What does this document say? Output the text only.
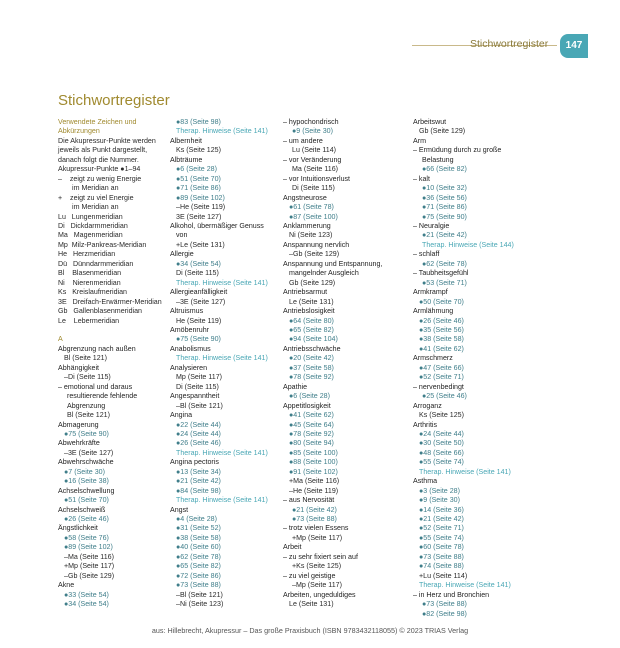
Stichwortregister	147
Stichwortregister
Verwendete Zeichen und
Abkürzungen
Die Akupressur-Punkte werden
jeweils als Punkt dargestellt,
danach folgt die Nummer.
Akupressur-Punkte ●1–94
–    zeigt zu wenig Energie
im Meridian an
+    zeigt zu viel Energie
im Meridian an
Lu   Lungenmeridian
Di   Dickdarmmeridian
Ma   Magenmeridian
Mp  Milz-Pankreas-Meridian
He   Herzmeridian
Dü   Dünndarmmeridian
Bl    Blasenmeridian
Ni    Nierenmeridian
Ks   Kreislaufmeridian
3E   Dreifach-Erwärmer-Meridian
Gb   Gallenblasenmeridian
Le    Lebermeridian

A
Abgrenzung nach außen
Bl (Seite 121)
Abhängigkeit
–Di (Seite 115)
– emotional und daraus
resultierende fehlende
Abgrenzung
Bl (Seite 121)
Abmagerung
●75 (Seite 90)
Abwehrkräfte
–3E (Seite 127)
Abwehrschwäche
●7 (Seite 30)
●16 (Seite 38)
Achselschwellung
●51 (Seite 70)
Achselschweiß
●26 (Seite 46)
Ängstlichkeit
●58 (Seite 76)
●89 (Seite 102)
–Ma (Seite 116)
+Mp (Seite 117)
–Gb (Seite 129)
Akne
●33 (Seite 54)
●34 (Seite 54)
●83 (Seite 98)
Therap. Hinweise (Seite 141)
Albernheit
Ks (Seite 125)
Albträume
●6 (Seite 28)
●51 (Seite 70)
●71 (Seite 86)
●89 (Seite 102)
–He (Seite 119)
3E (Seite 127)
Alkohol, übermäßiger Genuss
von
+Le (Seite 131)
Allergie
●34 (Seite 54)
Di (Seite 115)
Therap. Hinweise (Seite 141)
Allergieanfälligkeit
–3E (Seite 127)
Altruismus
He (Seite 119)
Amöbenruhr
●75 (Seite 90)
Anabolismus
Therap. Hinweise (Seite 141)
Analysieren
Mp (Seite 117)
Di (Seite 115)
Angespanntheit
–Bl (Seite 121)
Angina
●22 (Seite 44)
●24 (Seite 44)
●26 (Seite 46)
Therap. Hinweise (Seite 141)
Angina pectoris
●13 (Seite 34)
●21 (Seite 42)
●84 (Seite 98)
Therap. Hinweise (Seite 141)
Angst
●4 (Seite 28)
●31 (Seite 52)
●38 (Seite 58)
●40 (Seite 60)
●62 (Seite 78)
●65 (Seite 82)
●72 (Seite 86)
●73 (Seite 88)
–Bl (Seite 121)
–Ni (Seite 123)
– hypochondrisch
●9 (Seite 30)
– um andere
Lu (Seite 114)
– vor Veränderung
Ma (Seite 116)
– vor Intuitionsverlust
Di (Seite 115)
Angstneurose
●61 (Seite 78)
●87 (Seite 100)
Anklammerung
Ni (Seite 123)
Anspannung nervlich
–Gb (Seite 129)
Anspannung und Entspannung,
mangelnder Ausgleich
Gb (Seite 129)
Antriebsarmut
Le (Seite 131)
Antriebslosigkeit
●64 (Seite 80)
●65 (Seite 82)
●94 (Seite 104)
Antriebsschwäche
●20 (Seite 42)
●37 (Seite 58)
●78 (Seite 92)
Apathie
●6 (Seite 28)
Appetitlosigkeit
●41 (Seite 62)
●45 (Seite 64)
●78 (Seite 92)
●80 (Seite 94)
●85 (Seite 100)
●88 (Seite 100)
●91 (Seite 102)
+Ma (Seite 116)
–He (Seite 119)
– aus Nervosität
●21 (Seite 42)
●73 (Seite 88)
– trotz vielen Essens
+Mp (Seite 117)
Arbeit
– zu sehr fixiert sein auf
+Ks (Seite 125)
– zu viel geistige
–Mp (Seite 117)
Arbeiten, ungeduldiges
Le (Seite 131)
Arbeitswut
Gb (Seite 129)
Arm
– Ermüdung durch zu große
Belastung
●66 (Seite 82)
– kalt
●10 (Seite 32)
●36 (Seite 56)
●71 (Seite 86)
●75 (Seite 90)
– Neuralgie
●21 (Seite 42)
Therap. Hinweise (Seite 144)
– schlaff
●62 (Seite 78)
– Taubheitsgefühl
●53 (Seite 71)
Armkrampf
●50 (Seite 70)
Armlähmung
●26 (Seite 46)
●35 (Seite 56)
●38 (Seite 58)
●41 (Seite 62)
Armschmerz
●47 (Seite 66)
●52 (Seite 71)
– nervenbedingt
●25 (Seite 46)
Arroganz
Ks (Seite 125)
Arthritis
●24 (Seite 44)
●30 (Seite 50)
●48 (Seite 66)
●55 (Seite 74)
Therap. Hinweise (Seite 141)
Asthma
●3 (Seite 28)
●9 (Seite 30)
●14 (Seite 36)
●21 (Seite 42)
●52 (Seite 71)
●55 (Seite 74)
●60 (Seite 78)
●73 (Seite 88)
●74 (Seite 88)
+Lu (Seite 114)
Therap. Hinweise (Seite 141)
– in Herz und Bronchien
●73 (Seite 88)
●82 (Seite 98)
aus: Hillebrecht, Akupressur – Das große Praxisbuch (ISBN 9783432118055) © 2023 TRIAS Verlag
